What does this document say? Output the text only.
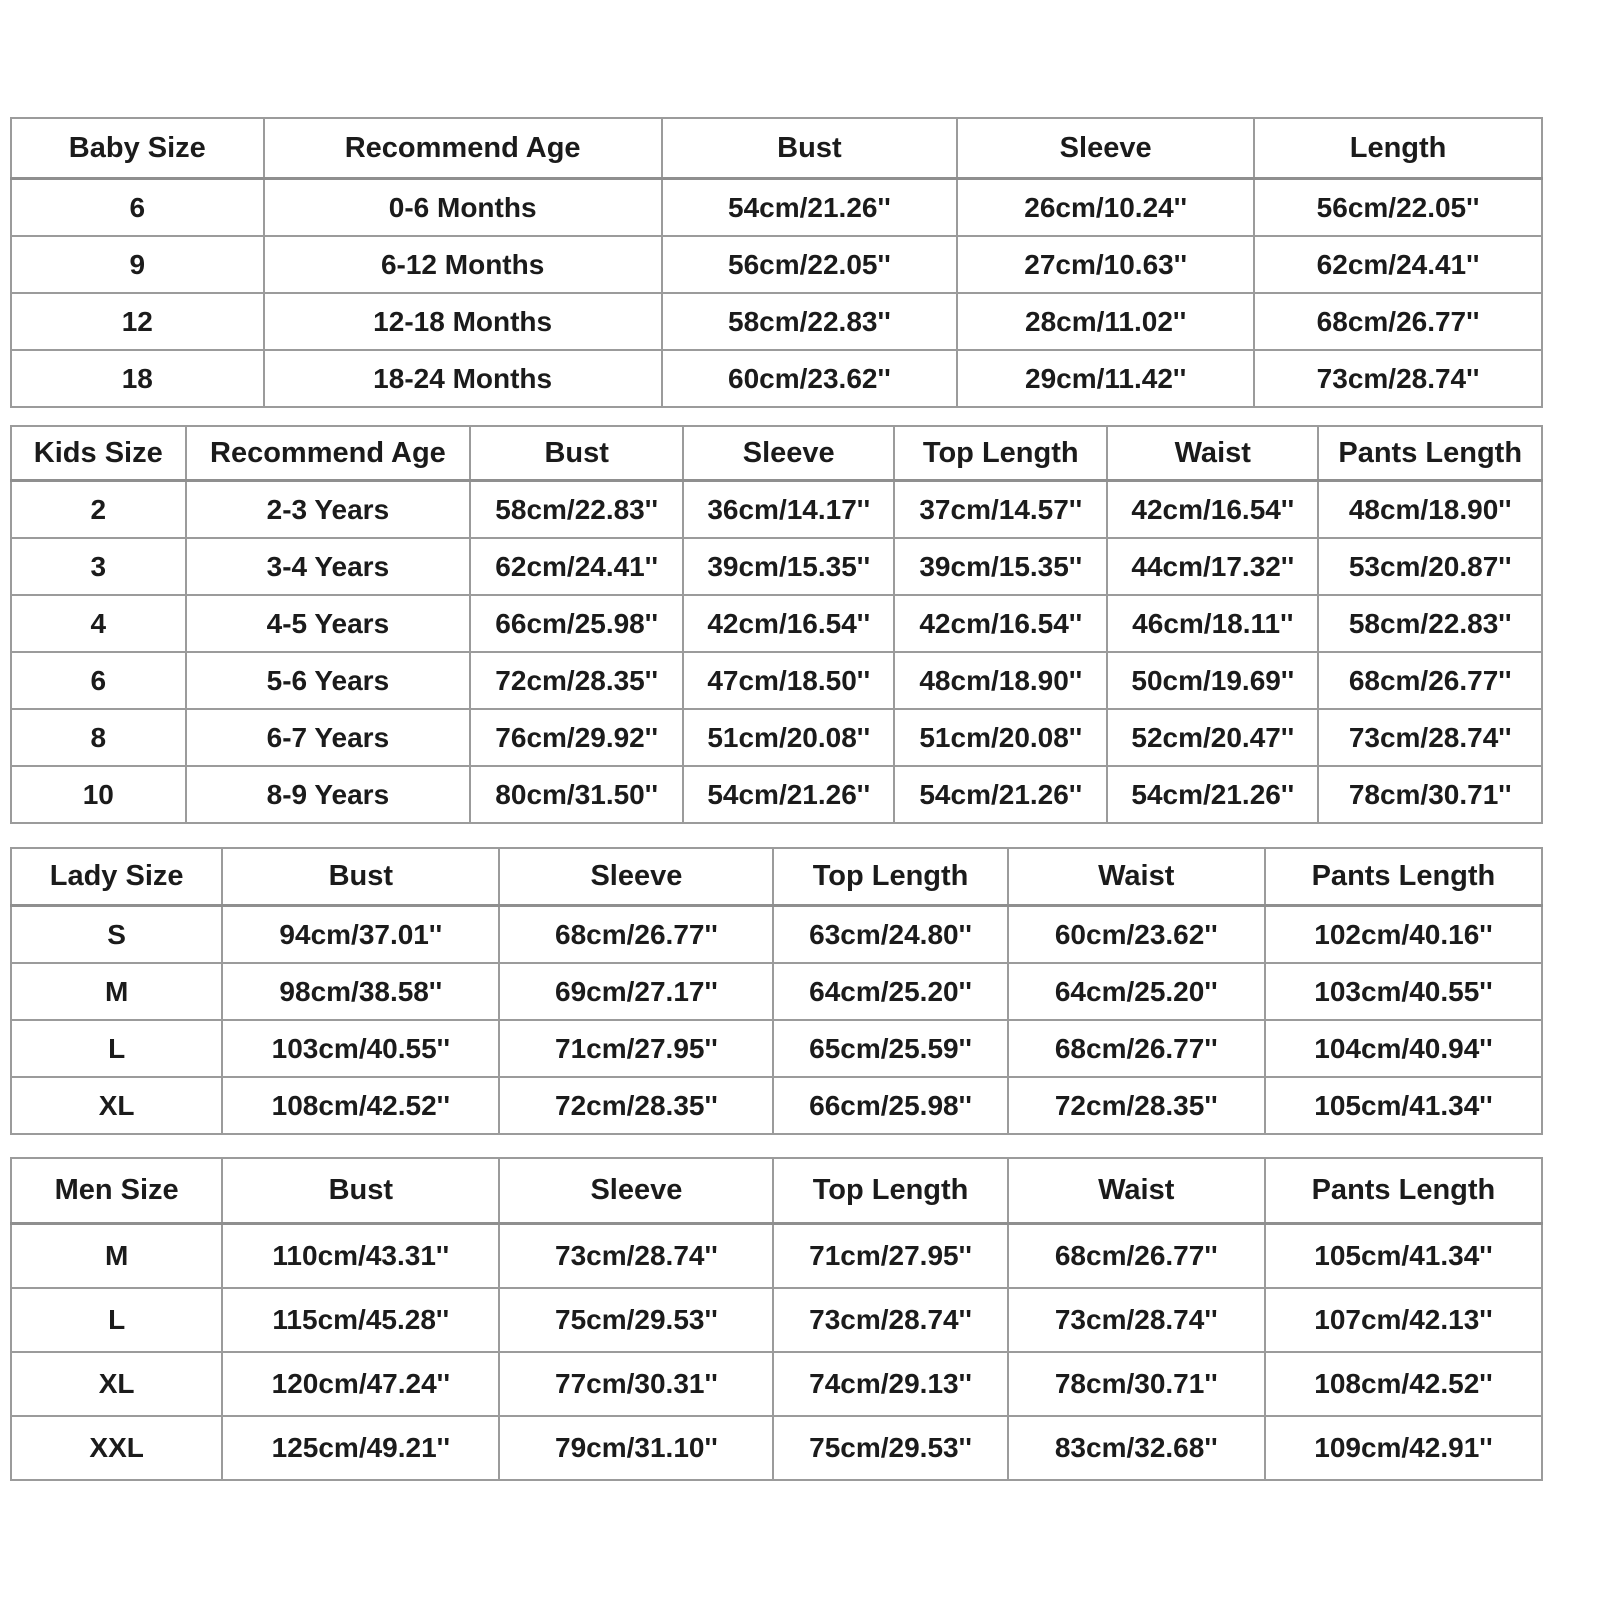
Baby Size	Recommend Age	Bust	Sleeve	Length
6	0-6 Months	54cm/21.26''	26cm/10.24''	56cm/22.05''
9	6-12 Months	56cm/22.05''	27cm/10.63''	62cm/24.41''
12	12-18 Months	58cm/22.83''	28cm/11.02''	68cm/26.77''
18	18-24 Months	60cm/23.62''	29cm/11.42''	73cm/28.74''
Kids Size	Recommend Age	Bust	Sleeve	Top Length	Waist	Pants Length
2	2-3 Years	58cm/22.83''	36cm/14.17''	37cm/14.57''	42cm/16.54''	48cm/18.90''
3	3-4 Years	62cm/24.41''	39cm/15.35''	39cm/15.35''	44cm/17.32''	53cm/20.87''
4	4-5 Years	66cm/25.98''	42cm/16.54''	42cm/16.54''	46cm/18.11''	58cm/22.83''
6	5-6 Years	72cm/28.35''	47cm/18.50''	48cm/18.90''	50cm/19.69''	68cm/26.77''
8	6-7 Years	76cm/29.92''	51cm/20.08''	51cm/20.08''	52cm/20.47''	73cm/28.74''
10	8-9 Years	80cm/31.50''	54cm/21.26''	54cm/21.26''	54cm/21.26''	78cm/30.71''
Lady Size	Bust	Sleeve	Top Length	Waist	Pants Length
S	94cm/37.01''	68cm/26.77''	63cm/24.80''	60cm/23.62''	102cm/40.16''
M	98cm/38.58''	69cm/27.17''	64cm/25.20''	64cm/25.20''	103cm/40.55''
L	103cm/40.55''	71cm/27.95''	65cm/25.59''	68cm/26.77''	104cm/40.94''
XL	108cm/42.52''	72cm/28.35''	66cm/25.98''	72cm/28.35''	105cm/41.34''
Men Size	Bust	Sleeve	Top Length	Waist	Pants Length
M	110cm/43.31''	73cm/28.74''	71cm/27.95''	68cm/26.77''	105cm/41.34''
L	115cm/45.28''	75cm/29.53''	73cm/28.74''	73cm/28.74''	107cm/42.13''
XL	120cm/47.24''	77cm/30.31''	74cm/29.13''	78cm/30.71''	108cm/42.52''
XXL	125cm/49.21''	79cm/31.10''	75cm/29.53''	83cm/32.68''	109cm/42.91''
